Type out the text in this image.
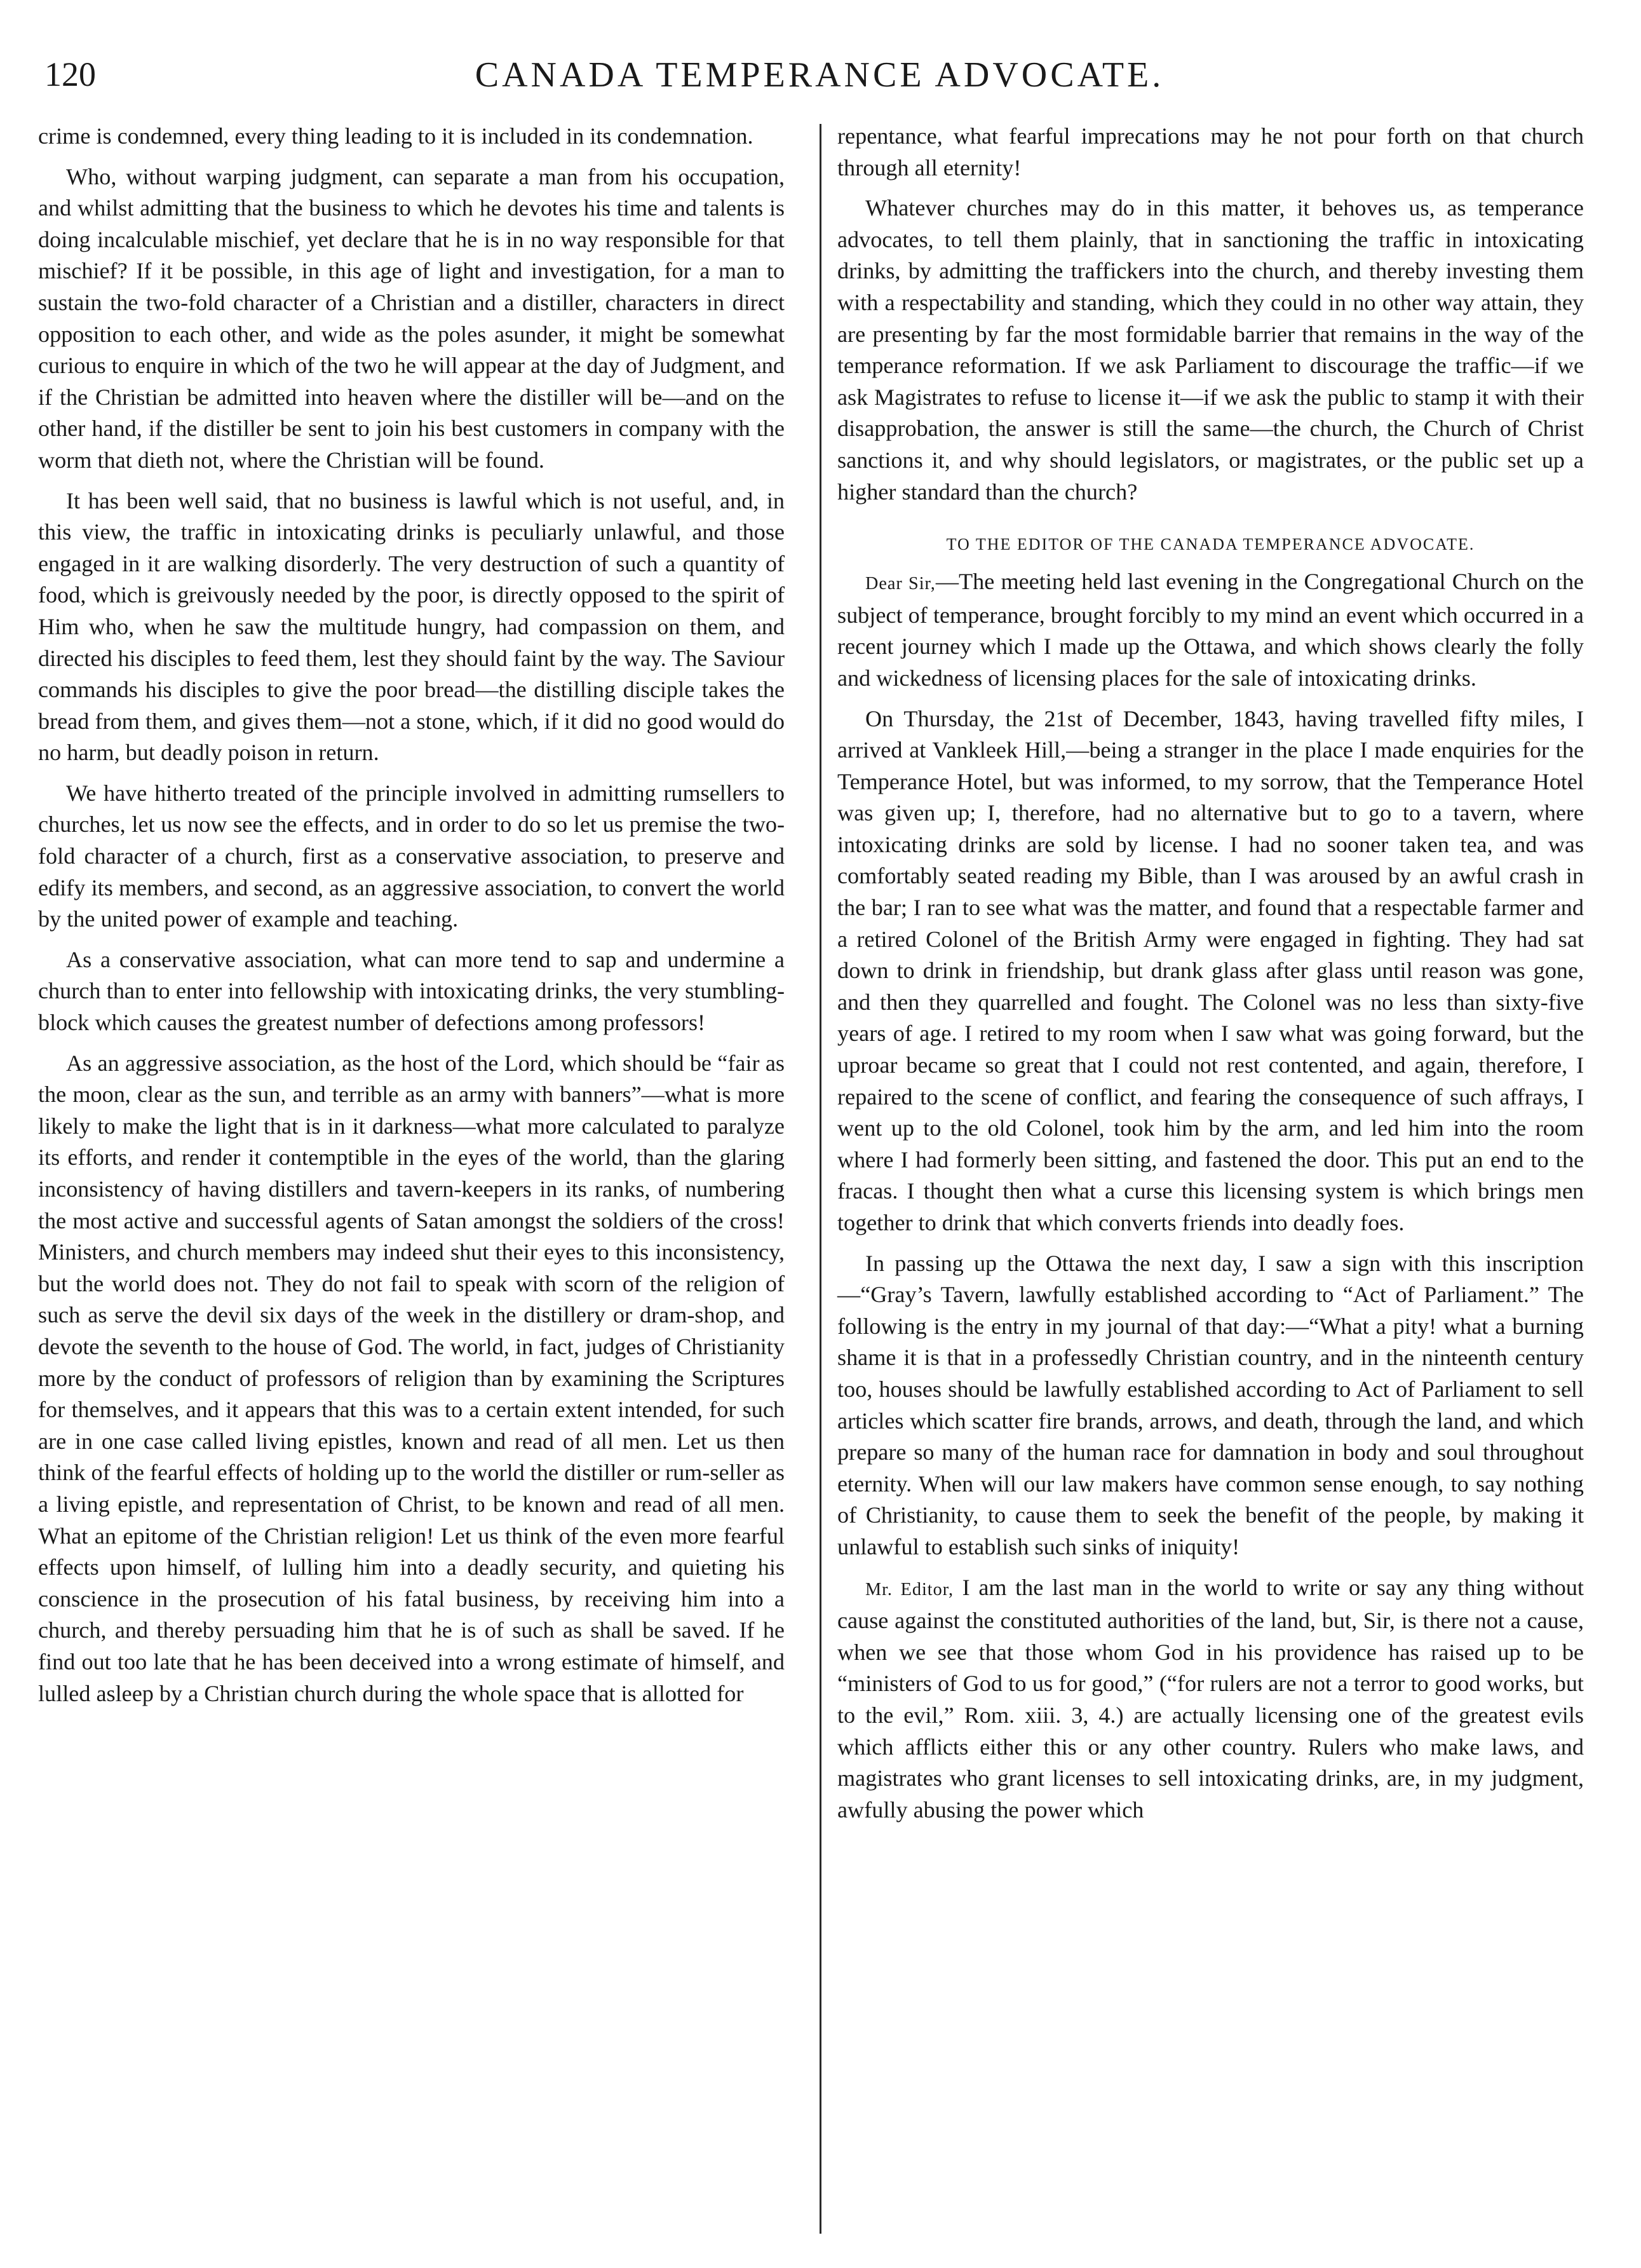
120	CANADA TEMPERANCE ADVOCATE.

crime is condemned, every thing leading to it is included in its condemnation.

Who, without warping judgment, can separate a man from his occupation, and whilst admitting that the business to which he devotes his time and talents is doing incalculable mischief, yet declare that he is in no way responsible for that mischief? If it be possible, in this age of light and investigation, for a man to sustain the two-fold character of a Christian and a distiller, characters in direct opposition to each other, and wide as the poles asunder, it might be somewhat curious to enquire in which of the two he will appear at the day of Judgment, and if the Christian be admitted into heaven where the distiller will be—and on the other hand, if the distiller be sent to join his best customers in company with the worm that dieth not, where the Christian will be found.

It has been well said, that no business is lawful which is not useful, and, in this view, the traffic in intoxicating drinks is peculiarly unlawful, and those engaged in it are walking disorderly. The very destruction of such a quantity of food, which is greivously needed by the poor, is directly opposed to the spirit of Him who, when he saw the multitude hungry, had compassion on them, and directed his disciples to feed them, lest they should faint by the way. The Saviour commands his disciples to give the poor bread—the distilling disciple takes the bread from them, and gives them—not a stone, which, if it did no good would do no harm, but deadly poison in return.

We have hitherto treated of the principle involved in admitting rumsellers to churches, let us now see the effects, and in order to do so let us premise the two-fold character of a church, first as a conservative association, to preserve and edify its members, and second, as an aggressive association, to convert the world by the united power of example and teaching.

As a conservative association, what can more tend to sap and undermine a church than to enter into fellowship with intoxicating drinks, the very stumbling-block which causes the greatest number of defections among professors!

As an aggressive association, as the host of the Lord, which should be “fair as the moon, clear as the sun, and terrible as an army with banners”—what is more likely to make the light that is in it darkness—what more calculated to paralyze its efforts, and render it contemptible in the eyes of the world, than the glaring inconsistency of having distillers and tavern-keepers in its ranks, of numbering the most active and successful agents of Satan amongst the soldiers of the cross! Ministers, and church members may indeed shut their eyes to this inconsistency, but the world does not. They do not fail to speak with scorn of the religion of such as serve the devil six days of the week in the distillery or dram-shop, and devote the seventh to the house of God. The world, in fact, judges of Christianity more by the conduct of professors of religion than by examining the Scriptures for themselves, and it appears that this was to a certain extent intended, for such are in one case called living epistles, known and read of all men. Let us then think of the fearful effects of holding up to the world the distiller or rum-seller as a living epistle, and representation of Christ, to be known and read of all men. What an epitome of the Christian religion! Let us think of the even more fearful effects upon himself, of lulling him into a deadly security, and quieting his conscience in the prosecution of his fatal business, by receiving him into a church, and thereby persuading him that he is of such as shall be saved. If he find out too late that he has been deceived into a wrong estimate of himself, and lulled asleep by a Christian church during the whole space that is allotted for

repentance, what fearful imprecations may he not pour forth on that church through all eternity!

Whatever churches may do in this matter, it behoves us, as temperance advocates, to tell them plainly, that in sanctioning the traffic in intoxicating drinks, by admitting the traffickers into the church, and thereby investing them with a respectability and standing, which they could in no other way attain, they are presenting by far the most formidable barrier that remains in the way of the temperance reformation. If we ask Parliament to discourage the traffic—if we ask Magistrates to refuse to license it—if we ask the public to stamp it with their disapprobation, the answer is still the same—the church, the Church of Christ sanctions it, and why should legislators, or magistrates, or the public set up a higher standard than the church?

TO THE EDITOR OF THE CANADA TEMPERANCE ADVOCATE.

Dear Sir,—The meeting held last evening in the Congregational Church on the subject of temperance, brought forcibly to my mind an event which occurred in a recent journey which I made up the Ottawa, and which shows clearly the folly and wickedness of licensing places for the sale of intoxicating drinks.

On Thursday, the 21st of December, 1843, having travelled fifty miles, I arrived at Vankleek Hill,—being a stranger in the place I made enquiries for the Temperance Hotel, but was informed, to my sorrow, that the Temperance Hotel was given up; I, therefore, had no alternative but to go to a tavern, where intoxicating drinks are sold by license. I had no sooner taken tea, and was comfortably seated reading my Bible, than I was aroused by an awful crash in the bar; I ran to see what was the matter, and found that a respectable farmer and a retired Colonel of the British Army were engaged in fighting. They had sat down to drink in friendship, but drank glass after glass until reason was gone, and then they quarrelled and fought. The Colonel was no less than sixty-five years of age. I retired to my room when I saw what was going forward, but the uproar became so great that I could not rest contented, and again, therefore, I repaired to the scene of conflict, and fearing the consequence of such affrays, I went up to the old Colonel, took him by the arm, and led him into the room where I had formerly been sitting, and fastened the door. This put an end to the fracas. I thought then what a curse this licensing system is which brings men together to drink that which converts friends into deadly foes.

In passing up the Ottawa the next day, I saw a sign with this inscription—“Gray’s Tavern, lawfully established according to “Act of Parliament.” The following is the entry in my journal of that day:—“What a pity! what a burning shame it is that in a professedly Christian country, and in the ninteenth century too, houses should be lawfully established according to Act of Parliament to sell articles which scatter fire brands, arrows, and death, through the land, and which prepare so many of the human race for damnation in body and soul throughout eternity. When will our law makers have common sense enough, to say nothing of Christianity, to cause them to seek the benefit of the people, by making it unlawful to establish such sinks of iniquity!

Mr. Editor, I am the last man in the world to write or say any thing without cause against the constituted authorities of the land, but, Sir, is there not a cause, when we see that those whom God in his providence has raised up to be “ministers of God to us for good,” (“for rulers are not a terror to good works, but to the evil,” Rom. xiii. 3, 4.) are actually licensing one of the greatest evils which afflicts either this or any other country. Rulers who make laws, and magistrates who grant licenses to sell intoxicating drinks, are, in my judgment, awfully abusing the power which
